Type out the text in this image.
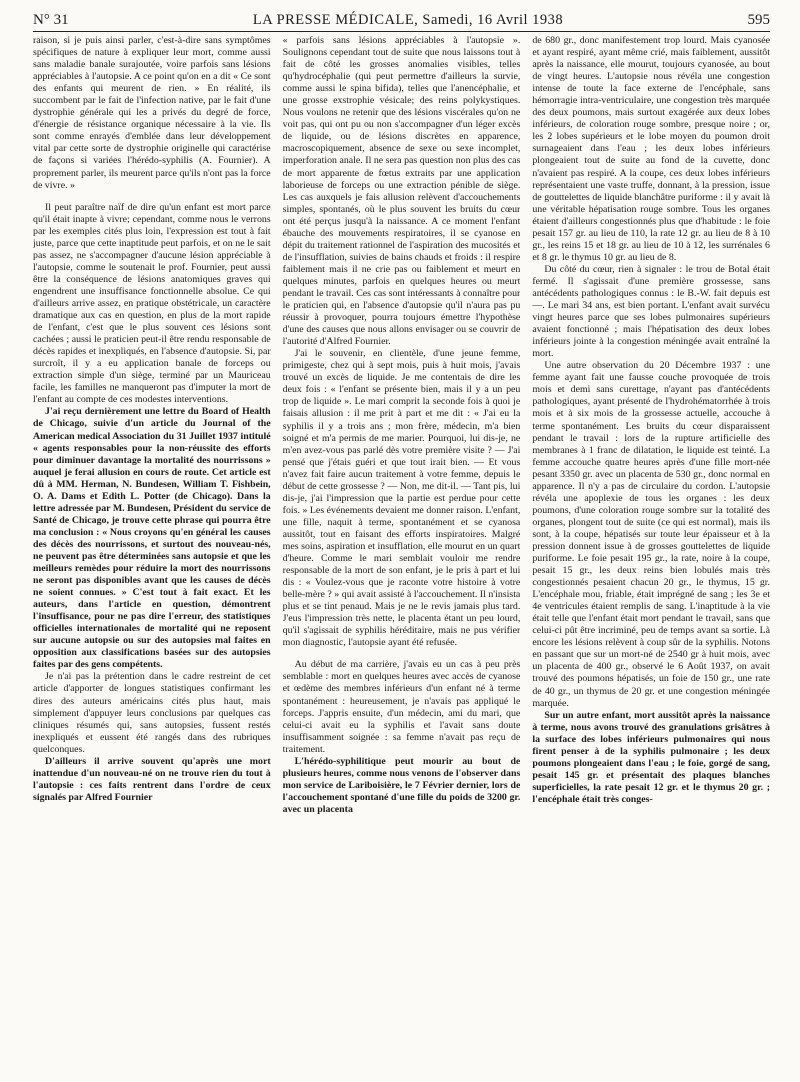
N° 31	LA PRESSE MÉDICALE, Samedi, 16 Avril 1938	595

raison, si je puis ainsi parler, c'est-à-dire sans symptômes spécifiques de nature à expliquer leur mort, comme aussi sans maladie banale surajoutée, voire parfois sans lésions appréciables à l'autopsie. A ce point qu'on en a dit « Ce sont des enfants qui meurent de rien. » En réalité, ils succombent par le fait de l'infection native, par le fait d'une dystrophie générale qui les a privés du degré de force, d'énergie de résistance organique nécessaire à la vie. Ils sont comme enrayés d'emblée dans leur développement vital par cette sorte de dystrophie originelle qui caractérise de façons si variées l'hérédo-syphilis (A. Fournier). A proprement parler, ils meurent parce qu'ils n'ont pas la force de vivre. »

Il peut paraître naïf de dire qu'un enfant est mort parce qu'il était inapte à vivre; cependant, comme nous le verrons par les exemples cités plus loin, l'expression est tout à fait juste, parce que cette inaptitude peut parfois, et on ne le sait pas assez, ne s'accompagner d'aucune lésion appréciable à l'autopsie, comme le soutenait le prof. Fournier, peut aussi être la conséquence de lésions anatomiques graves qui engendrent une insuffisance fonctionnelle absolue. Ce qui d'ailleurs arrive assez, en pratique obstétricale, un caractère dramatique aux cas en question, en plus de la mort rapide de l'enfant, c'est que le plus souvent ces lésions sont cachées ; aussi le praticien peut-il être rendu responsable de décès rapides et inexpliqués, en l'absence d'autopsie. Si, par surcroît, il y a eu application banale de forceps ou extraction simple d'un siège, terminé par un Mauriceau facile, les familles ne manqueront pas d'imputer la mort de l'enfant au compte de ces modestes interventions.

J'ai reçu dernièrement une lettre du Board of Health de Chicago, suivie d'un article du Journal of the American medical Association du 31 Juillet 1937 intitulé « agents responsables pour la non-réussite des efforts pour diminuer davantage la mortalité des nourrissons » auquel je ferai allusion en cours de route. Cet article est dû à MM. Herman, N. Bundesen, William T. Fishbein, O. A. Dams et Edith L. Potter (de Chicago). Dans la lettre adressée par M. Bundesen, Président du service de Santé de Chicago, je trouve cette phrase qui pourra être ma conclusion : « Nous croyons qu'en général les causes des décès des nourrissons, et surtout des nouveau-nés, ne peuvent pas être déterminées sans autopsie et que les meilleurs remèdes pour réduire la mort des nourrissons ne seront pas disponibles avant que les causes de décès ne soient connues. » C'est tout à fait exact. Et les auteurs, dans l'article en question, démontrent l'insuffisance, pour ne pas dire l'erreur, des statistiques officielles internationales de mortalité qui ne reposent sur aucune autopsie ou sur des autopsies mal faites en opposition aux classifications basées sur des autopsies faites par des gens compétents.

Je n'ai pas la prétention dans le cadre restreint de cet article d'apporter de longues statistiques confirmant les dires des auteurs américains cités plus haut, mais simplement d'appuyer leurs conclusions par quelques cas cliniques résumés qui, sans autopsies, fussent restés inexpliqués et eussent été rangés dans des rubriques quelconques.

D'ailleurs il arrive souvent qu'après une mort inattendue d'un nouveau-né on ne trouve rien du tout à l'autopsie : ces faits rentrent dans l'ordre de ceux signalés par Alfred Fournier

« parfois sans lésions appréciables à l'autopsie ». Soulignons cependant tout de suite que nous laissons tout à fait de côté les grosses anomalies visibles, telles qu'hydrocéphalie (qui peut permettre d'ailleurs la survie, comme aussi le spina bifida), telles que l'anencéphalie, et une grosse exstrophie vésicale; des reins polykystiques. Nous voulons ne retenir que des lésions viscérales qu'on ne voit pas, qui ont pu ou non s'accompagner d'un léger excès de liquide, ou de lésions discrètes en apparence, macroscopiquement, absence de sexe ou sexe incomplet, imperforation anale. Il ne sera pas question non plus des cas de mort apparente de fœtus extraits par une application laborieuse de forceps ou une extraction pénible de siège. Les cas auxquels je fais allusion relèvent d'accouchements simples, spontanés, où le plus souvent les bruits du cœur ont été perçus jusqu'à la naissance. A ce moment l'enfant ébauche des mouvements respiratoires, il se cyanose en dépit du traitement rationnel de l'aspiration des mucosités et de l'insufflation, suivies de bains chauds et froids : il respire faiblement mais il ne crie pas ou faiblement et meurt en quelques minutes, parfois en quelques heures ou meurt pendant le travail. Ces cas sont intéressants à connaître pour le praticien qui, en l'absence d'autopsie qu'il n'aura pas pu réussir à provoquer, pourra toujours émettre l'hypothèse d'une des causes que nous allons envisager ou se couvrir de l'autorité d'Alfred Fournier.

J'ai le souvenir, en clientèle, d'une jeune femme, primigeste, chez qui à sept mois, puis à huit mois, j'avais trouvé un excès de liquide. Je me contentais de dire les deux fois : « l'enfant se présente bien, mais il y a un peu trop de liquide ». Le mari comprit la seconde fois à quoi je faisais allusion : il me prit à part et me dit : « J'ai eu la syphilis il y a trois ans ; mon frère, médecin, m'a bien soigné et m'a permis de me marier. Pourquoi, lui dis-je, ne m'en avez-vous pas parlé dès votre première visite ? — J'ai pensé que j'étais guéri et que tout irait bien. — Et vous n'avez fait faire aucun traitement à votre femme, depuis le début de cette grossesse ? — Non, me dit-il. — Tant pis, lui dis-je, j'ai l'impression que la partie est perdue pour cette fois. » Les événements devaient me donner raison. L'enfant, une fille, naquit à terme, spontanément et se cyanosa aussitôt, tout en faisant des efforts inspiratoires. Malgré mes soins, aspiration et insufflation, elle mourut en un quart d'heure. Comme le mari semblait vouloir me rendre responsable de la mort de son enfant, je le pris à part et lui dis : « Voulez-vous que je raconte votre histoire à votre belle-mère ? » qui avait assisté à l'accouchement. Il n'insista plus et se tint penaud. Mais je ne le revis jamais plus tard. J'eus l'impression très nette, le placenta étant un peu lourd, qu'il s'agissait de syphilis héréditaire, mais ne pus vérifier mon diagnostic, l'autopsie ayant été refusée.

Au début de ma carrière, j'avais eu un cas à peu près semblable : mort en quelques heures avec accès de cyanose et œdème des membres inférieurs d'un enfant né à terme spontanément : heureusement, je n'avais pas appliqué le forceps. J'appris ensuite, d'un médecin, ami du mari, que celui-ci avait eu la syphilis et l'avait sans doute insuffisamment soignée : sa femme n'avait pas reçu de traitement.

L'hérédo-syphilitique peut mourir au bout de plusieurs heures, comme nous venons de l'observer dans mon service de Lariboisière, le 7 Février dernier, lors de l'accouchement spontané d'une fille du poids de 3200 gr. avec un placenta

de 680 gr., donc manifestement trop lourd. Mais cyanosée et ayant respiré, ayant même crié, mais faiblement, aussitôt après la naissance, elle mourut, toujours cyanosée, au bout de vingt heures. L'autopsie nous révéla une congestion intense de toute la face externe de l'encéphale, sans hémorragie intra-ventriculaire, une congestion très marquée des deux poumons, mais surtout exagérée aux deux lobes inférieurs, de coloration rouge sombre, presque noire ; or, les 2 lobes supérieurs et le lobe moyen du poumon droit surnageaient dans l'eau ; les deux lobes inférieurs plongeaient tout de suite au fond de la cuvette, donc n'avaient pas respiré. A la coupe, ces deux lobes inférieurs représentaient une vaste truffe, donnant, à la pression, issue de gouttelettes de liquide blanchâtre puriforme : il y avait là une véritable hépatisation rouge sombre. Tous les organes étaient d'ailleurs congestionnés plus que d'habitude : le foie pesait 157 gr. au lieu de 110, la rate 12 gr. au lieu de 8 à 10 gr., les reins 15 et 18 gr. au lieu de 10 à 12, les surrénales 6 et 8 gr. le thymus 10 gr. au lieu de 8.

Du côté du cœur, rien à signaler : le trou de Botal était fermé. Il s'agissait d'une première grossesse, sans antécédents pathologiques connus : le B.-W. fait depuis est —. Le mari 34 ans, est bien portant. L'enfant avait survécu vingt heures parce que ses lobes pulmonaires supérieurs avaient fonctionné ; mais l'hépatisation des deux lobes inférieurs jointe à la congestion méningée avait entraîné la mort.

Une autre observation du 20 Décembre 1937 : une femme ayant fait une fausse couche provoquée de trois mois et demi sans curettage, n'ayant pas d'antécédents pathologiques, ayant présenté de l'hydrohématorrhée à trois mois et à six mois de la grossesse actuelle, accouche à terme spontanément. Les bruits du cœur disparaissent pendant le travail : lors de la rupture artificielle des membranes à 1 franc de dilatation, le liquide est teinté. La femme accouche quatre heures après d'une fille mort-née pesant 3350 gr. avec un placenta de 530 gr., donc normal en apparence. Il n'y a pas de circulaire du cordon. L'autopsie révéla une apoplexie de tous les organes : les deux poumons, d'une coloration rouge sombre sur la totalité des organes, plongent tout de suite (ce qui est normal), mais ils sont, à la coupe, hépatisés sur toute leur épaisseur et à la pression donnent issue à de grosses gouttelettes de liquide puriforme. Le foie pesait 195 gr., la rate, noire à la coupe, pesait 15 gr., les deux reins bien lobulés mais très congestionnés pesaient chacun 20 gr., le thymus, 15 gr. L'encéphale mou, friable, était imprégné de sang ; les 3e et 4e ventricules étaient remplis de sang. L'inaptitude à la vie était telle que l'enfant était mort pendant le travail, sans que celui-ci pût être incriminé, peu de temps avant sa sortie. Là encore les lésions relèvent à coup sûr de la syphilis. Notons en passant que sur un mort-né de 2540 gr à huit mois, avec un placenta de 400 gr., observé le 6 Août 1937, on avait trouvé des poumons hépatisés, un foie de 150 gr., une rate de 40 gr., un thymus de 20 gr. et une congestion méningée marquée.

Sur un autre enfant, mort aussitôt après la naissance à terme, nous avons trouvé des granulations grisâtres à la surface des lobes inférieurs pulmonaires qui nous firent penser à de la syphilis pulmonaire ; les deux poumons plongeaient dans l'eau ; le foie, gorgé de sang, pesait 145 gr. et présentait des plaques blanches superficielles, la rate pesait 12 gr. et le thymus 20 gr. ; l'encéphale était très conges-
